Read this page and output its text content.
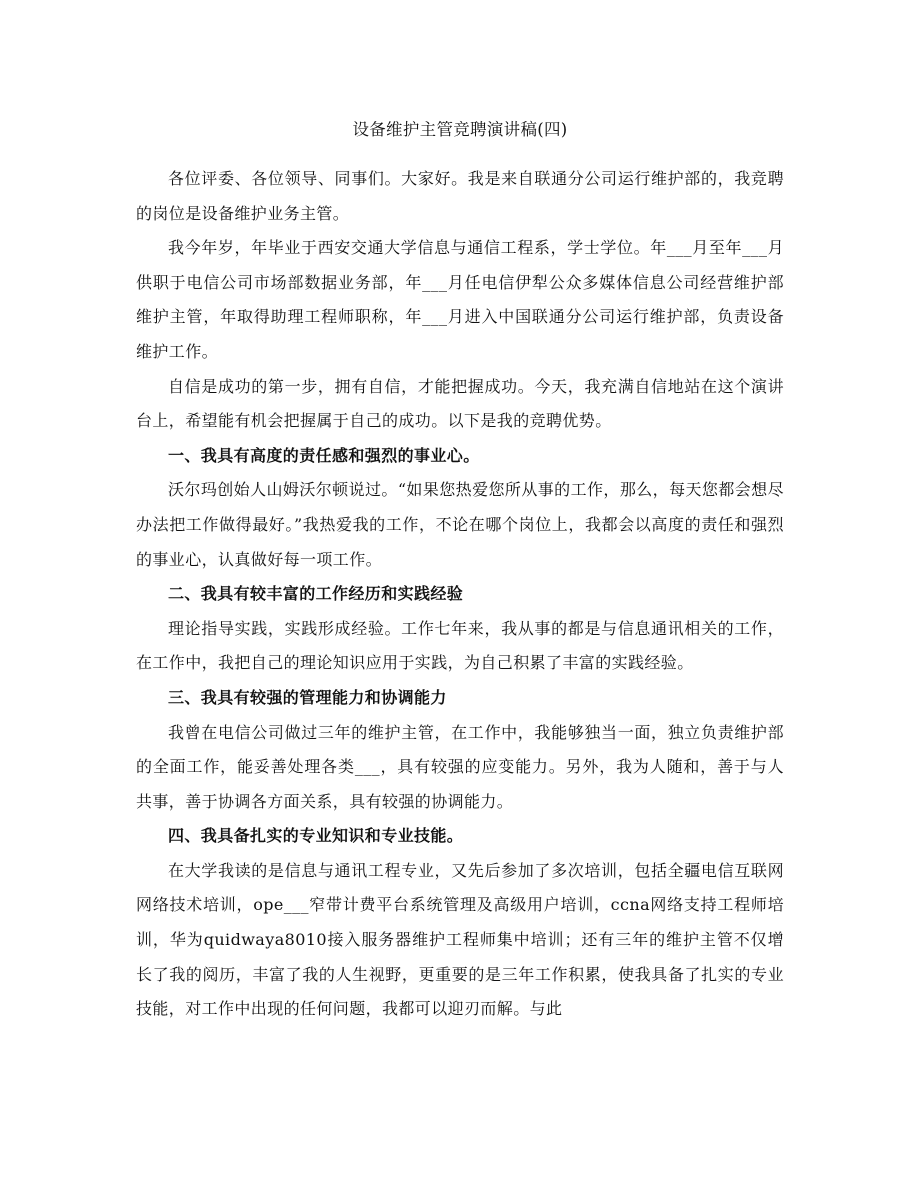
设备维护主管竞聘演讲稿(四)

各位评委、各位领导、同事们。大家好。我是来自联通分公司运行维护部的，我竞聘的岗位是设备维护业务主管。

我今年岁，年毕业于西安交通大学信息与通信工程系，学士学位。年___月至年___月供职于电信公司市场部数据业务部，年___月任电信伊犁公众多媒体信息公司经营维护部维护主管，年取得助理工程师职称，年___月进入中国联通分公司运行维护部，负责设备维护工作。

自信是成功的第一步，拥有自信，才能把握成功。今天，我充满自信地站在这个演讲台上，希望能有机会把握属于自己的成功。以下是我的竞聘优势。

一、我具有高度的责任感和强烈的事业心。

沃尔玛创始人山姆沃尔顿说过。“如果您热爱您所从事的工作，那么，每天您都会想尽办法把工作做得最好。”我热爱我的工作，不论在哪个岗位上，我都会以高度的责任和强烈的事业心，认真做好每一项工作。

二、我具有较丰富的工作经历和实践经验

理论指导实践，实践形成经验。工作七年来，我从事的都是与信息通讯相关的工作，在工作中，我把自己的理论知识应用于实践，为自己积累了丰富的实践经验。

三、我具有较强的管理能力和协调能力

我曾在电信公司做过三年的维护主管，在工作中，我能够独当一面，独立负责维护部的全面工作，能妥善处理各类___，具有较强的应变能力。另外，我为人随和，善于与人共事，善于协调各方面关系，具有较强的协调能力。

四、我具备扎实的专业知识和专业技能。

在大学我读的是信息与通讯工程专业，又先后参加了多次培训，包括全疆电信互联网网络技术培训，ope___窄带计费平台系统管理及高级用户培训，ccna网络支持工程师培训，华为quidwaya8010接入服务器维护工程师集中培训；还有三年的维护主管不仅增长了我的阅历，丰富了我的人生视野，更重要的是三年工作积累，使我具备了扎实的专业技能，对工作中出现的任何问题，我都可以迎刃而解。与此
